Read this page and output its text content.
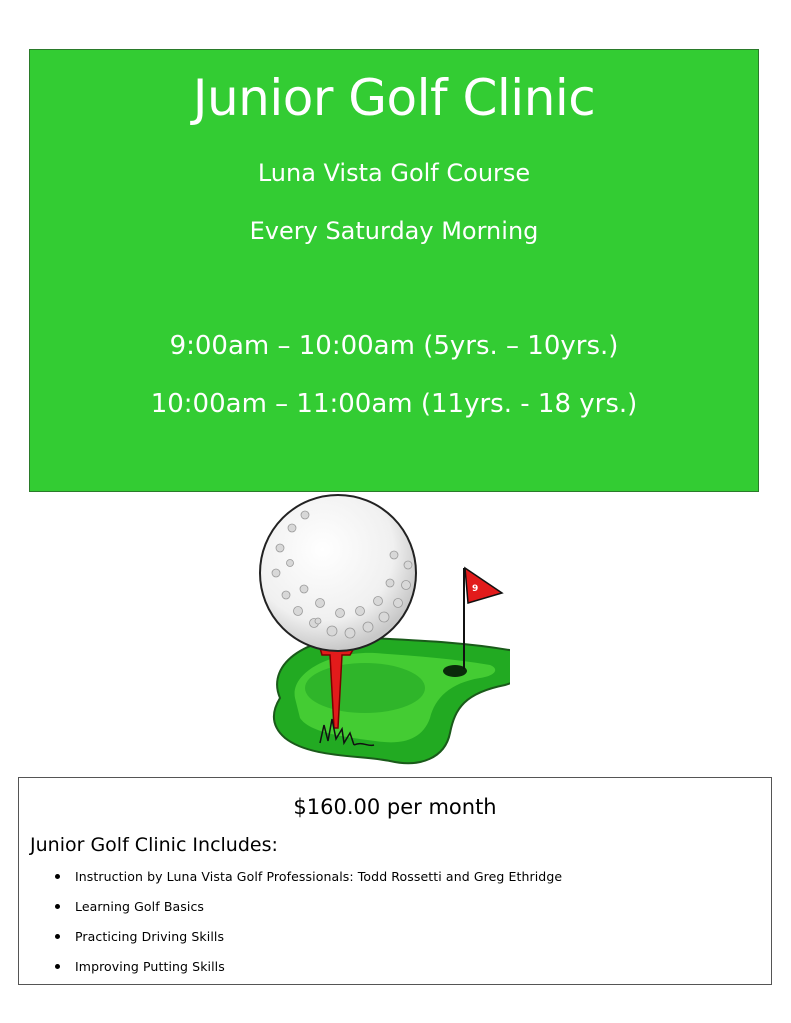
Junior Golf Clinic
Luna Vista Golf Course
Every Saturday Morning
9:00am – 10:00am (5yrs. – 10yrs.)
10:00am – 11:00am (11yrs. - 18 yrs.)
9
$160.00 per month
Junior Golf Clinic Includes:
Instruction by Luna Vista Golf Professionals: Todd Rossetti and Greg Ethridge
Learning Golf Basics
Practicing Driving Skills
Improving Putting Skills
